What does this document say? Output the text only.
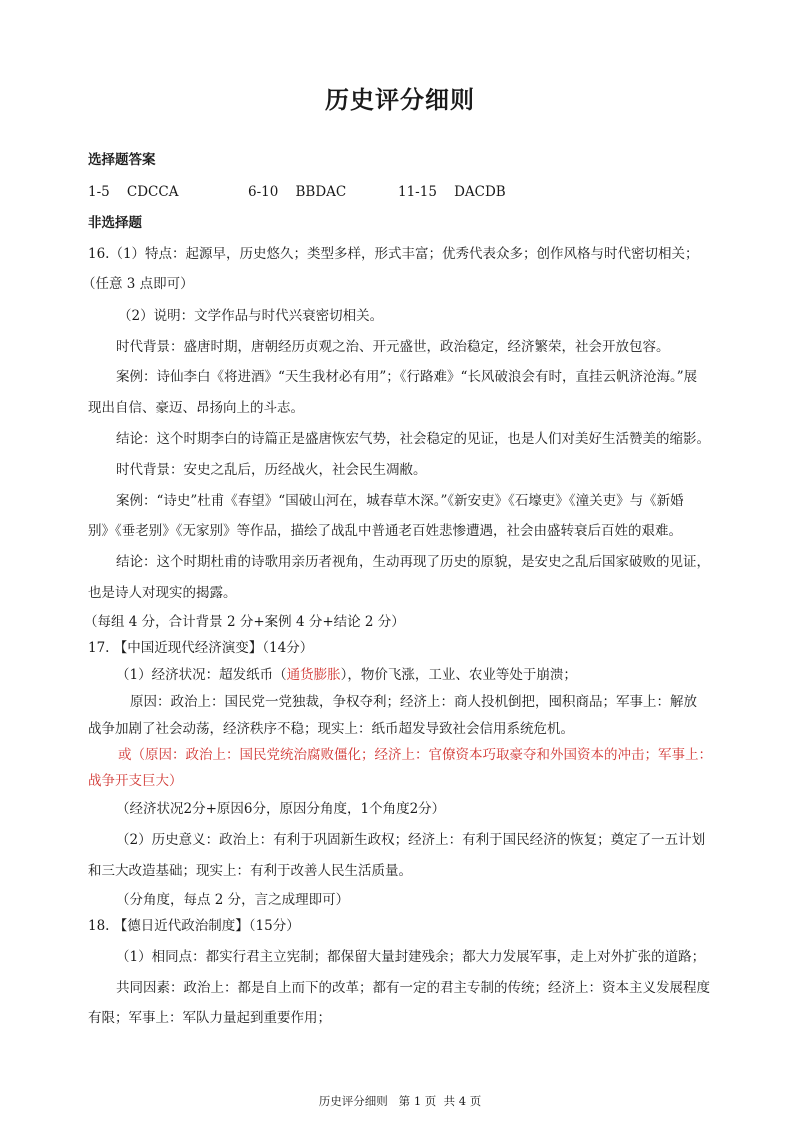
历史评分细则
选择题答案
1-5    CDCCA	6-10    BBDAC	11-15    DACDB
非选择题
16.（1）特点：起源早，历史悠久；类型多样，形式丰富；优秀代表众多；创作风格与时代密切相关；
（任意 3 点即可）
（2）说明：文学作品与时代兴衰密切相关。
时代背景：盛唐时期，唐朝经历贞观之治、开元盛世，政治稳定，经济繁荣，社会开放包容。
案例：诗仙李白《将进酒》“天生我材必有用”；《行路难》“长风破浪会有时，直挂云帆济沧海。”展
现出自信、豪迈、昂扬向上的斗志。
结论：这个时期李白的诗篇正是盛唐恢宏气势，社会稳定的见证，也是人们对美好生活赞美的缩影。
时代背景：安史之乱后，历经战火，社会民生凋敝。
案例：“诗史”杜甫《春望》“国破山河在，城春草木深。”《新安吏》《石壕吏》《潼关吏》与《新婚
别》《垂老别》《无家别》等作品，描绘了战乱中普通老百姓悲惨遭遇，社会由盛转衰后百姓的艰难。
结论：这个时期杜甫的诗歌用亲历者视角，生动再现了历史的原貌，是安史之乱后国家破败的见证，
也是诗人对现实的揭露。
（每组 4 分，合计背景 2 分+案例 4 分+结论 2 分）
17. 【中国近现代经济演变】（14分）
（1）经济状况：超发纸币（通货膨胀），物价飞涨，工业、农业等处于崩溃；
原因：政治上：国民党一党独裁，争权夺利；经济上：商人投机倒把，囤积商品；军事上：解放
战争加剧了社会动荡，经济秩序不稳；现实上：纸币超发导致社会信用系统危机。
或（原因：政治上：国民党统治腐败僵化；经济上：官僚资本巧取豪夺和外国资本的冲击；军事上：
战争开支巨大）
（经济状况2分+原因6分，原因分角度，1个角度2分）
（2）历史意义：政治上：有利于巩固新生政权；经济上：有利于国民经济的恢复；奠定了一五计划
和三大改造基础；现实上：有利于改善人民生活质量。
（分角度，每点 2 分，言之成理即可）
18. 【德日近代政治制度】（15分）
（1）相同点：都实行君主立宪制；都保留大量封建残余；都大力发展军事，走上对外扩张的道路；
共同因素：政治上：都是自上而下的改革；都有一定的君主专制的传统；经济上：资本主义发展程度
有限；军事上：军队力量起到重要作用；
历史评分细则   第 1 页  共 4 页
